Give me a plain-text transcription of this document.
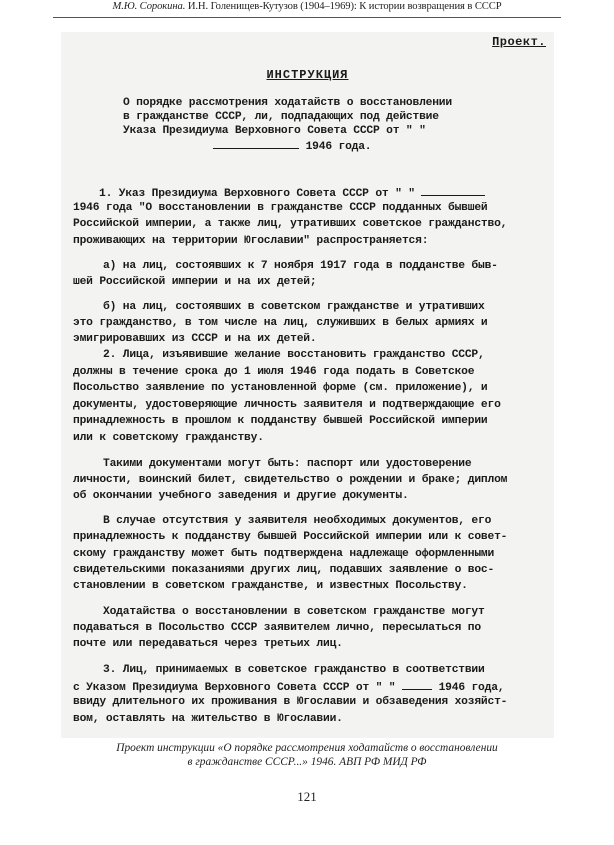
М.Ю. Сорокина. И.Н. Голенищев-Кутузов (1904–1969): К истории возвращения в СССР
Проект.
ИНСТРУКЦИЯ
О порядке рассмотрения ходатайств о восстановлении
в гражданстве СССР, ли, подпадающих под действие
Указа Президиума Верховного Совета СССР от " "
1946 года.
1. Указ Президиума Верховного Совета СССР от " "
1946 года "О восстановлении в гражданстве СССР подданных бывшей
Российской империи, а также лиц, утративших советское гражданство,
проживающих на территории Югославии" распространяется:
а) на лиц, состоявших к 7 ноября 1917 года в подданстве быв-
шей Российской империи и на их детей;
б) на лиц, состоявших в советском гражданстве и утративших
это гражданство, в том числе на лиц, служивших в белых армиях и
эмигрировавших из СССР и на их детей.
2. Лица, изъявившие желание восстановить гражданство СССР,
должны в течение срока до 1 июля 1946 года подать в Советское
Посольство заявление по установленной форме (см. приложение), и
документы, удостоверяющие личность заявителя и подтверждающие его
принадлежность в прошлом к подданству бывшей Российской империи
или к советскому гражданству.
Такими документами могут быть: паспорт или удостоверение
личности, воинский билет, свидетельство о рождении и браке; диплом
об окончании учебного заведения и другие документы.
В случае отсутствия у заявителя необходимых документов, его
принадлежность к подданству бывшей Российской империи или к совет-
скому гражданству может быть подтверждена надлежаще оформленными
свидетельскими показаниями других лиц, подавших заявление о вос-
становлении в советском гражданстве, и известных Посольству.
Ходатайства о восстановлении в советском гражданстве могут
подаваться в Посольство СССР заявителем лично, пересылаться по
почте или передаваться через третьих лиц.
3. Лиц, принимаемых в советское гражданство в соответствии
с Указом Президиума Верховного Совета СССР от " "	1946 года,
ввиду длительного их проживания в Югославии и обзаведения хозяйст-
вом, оставлять на жительство в Югославии.
Проект инструкции «О порядке рассмотрения ходатайств о восстановлении
в гражданстве СССР...» 1946. АВП РФ МИД РФ
121
